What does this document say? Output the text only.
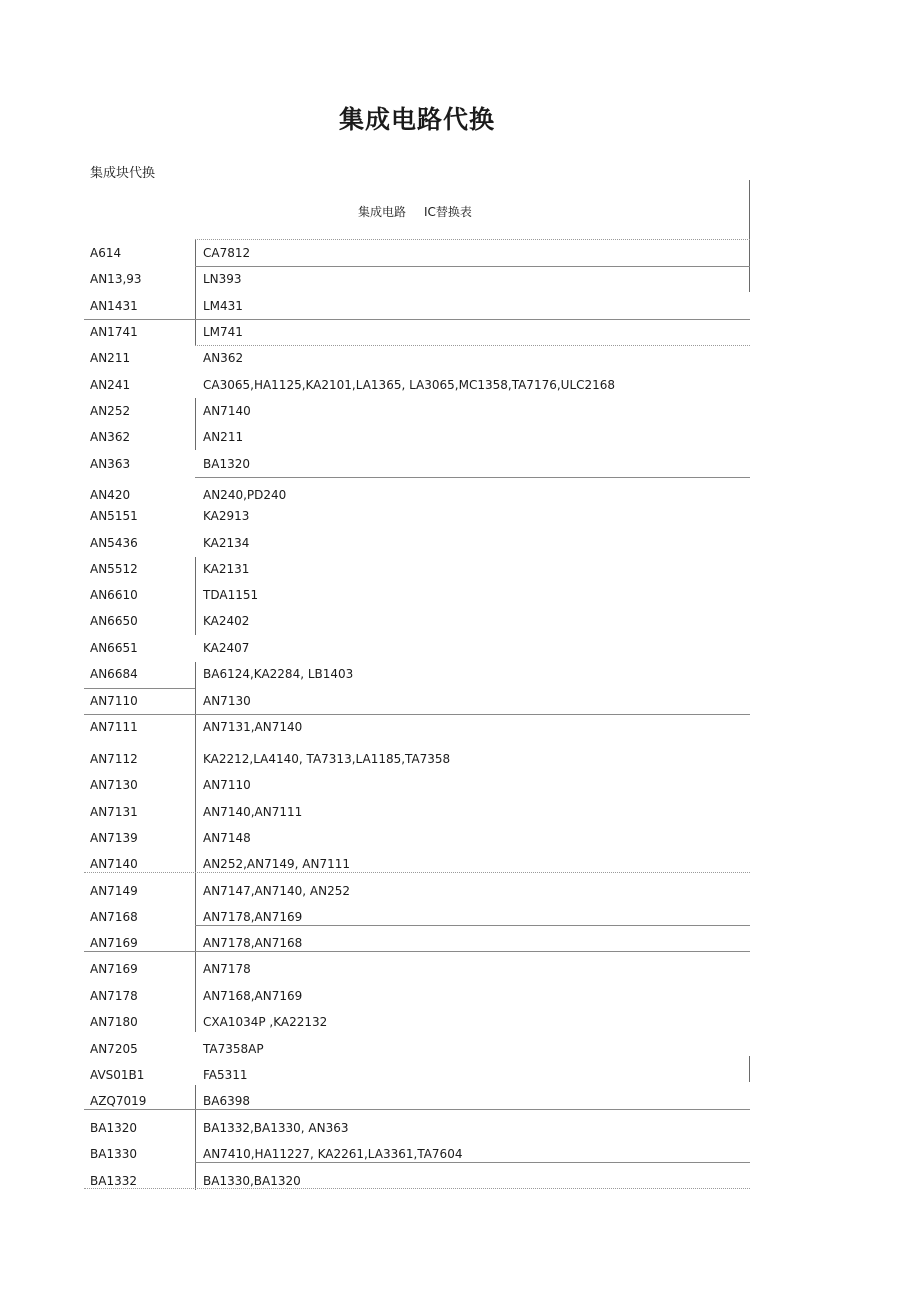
集成电路代换
集成块代换
集成电路 IC替换表
A614	CA7812
AN13,93	LN393
AN1431	LM431
AN1741	LM741
AN211	AN362
AN241	CA3065,HA1125,KA2101,LA1365, LA3065,MC1358,TA7176,ULC2168
AN252	AN7140
AN362	AN211
AN363	BA1320
AN420	AN240,PD240
AN5151	KA2913
AN5436	KA2134
AN5512	KA2131
AN6610	TDA1151
AN6650	KA2402
AN6651	KA2407
AN6684	BA6124,KA2284, LB1403
AN7110	AN7130
AN7111	AN7131,AN7140
AN7112	KA2212,LA4140, TA7313,LA1185,TA7358
AN7130	AN7110
AN7131	AN7140,AN7111
AN7139	AN7148
AN7140	AN252,AN7149, AN7111
AN7149	AN7147,AN7140, AN252
AN7168	AN7178,AN7169
AN7169	AN7178,AN7168
AN7169	AN7178
AN7178	AN7168,AN7169
AN7180	CXA1034P ,KA22132
AN7205	TA7358AP
AVS01B1	FA5311
AZQ7019	BA6398
BA1320	BA1332,BA1330, AN363
BA1330	AN7410,HA11227, KA2261,LA3361,TA7604
BA1332	BA1330,BA1320
